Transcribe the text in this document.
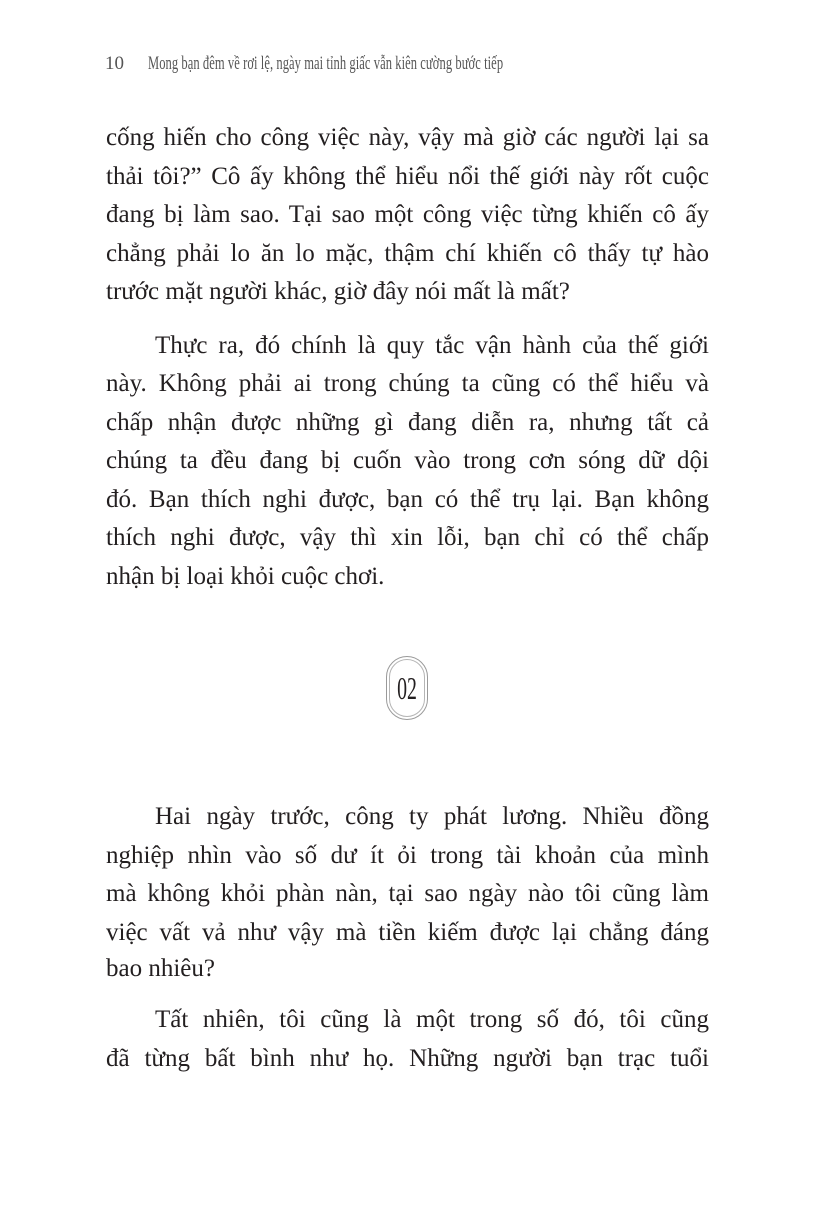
10	Mong bạn đêm về rơi lệ, ngày mai tỉnh giấc vẫn kiên cường bước tiếp
cống hiến cho công việc này, vậy mà giờ các người lại sa
thải tôi?” Cô ấy không thể hiểu nổi thế giới này rốt cuộc
đang bị làm sao. Tại sao một công việc từng khiến cô ấy
chẳng phải lo ăn lo mặc, thậm chí khiến cô thấy tự hào
trước mặt người khác, giờ đây nói mất là mất?
Thực ra, đó chính là quy tắc vận hành của thế giới
này. Không phải ai trong chúng ta cũng có thể hiểu và
chấp nhận được những gì đang diễn ra, nhưng tất cả
chúng ta đều đang bị cuốn vào trong cơn sóng dữ dội
đó. Bạn thích nghi được, bạn có thể trụ lại. Bạn không
thích nghi được, vậy thì xin lỗi, bạn chỉ có thể chấp
nhận bị loại khỏi cuộc chơi.
02
Hai ngày trước, công ty phát lương. Nhiều đồng
nghiệp nhìn vào số dư ít ỏi trong tài khoản của mình
mà không khỏi phàn nàn, tại sao ngày nào tôi cũng làm
việc vất vả như vậy mà tiền kiếm được lại chẳng đáng
bao nhiêu?
Tất nhiên, tôi cũng là một trong số đó, tôi cũng
đã từng bất bình như họ. Những người bạn trạc tuổi
